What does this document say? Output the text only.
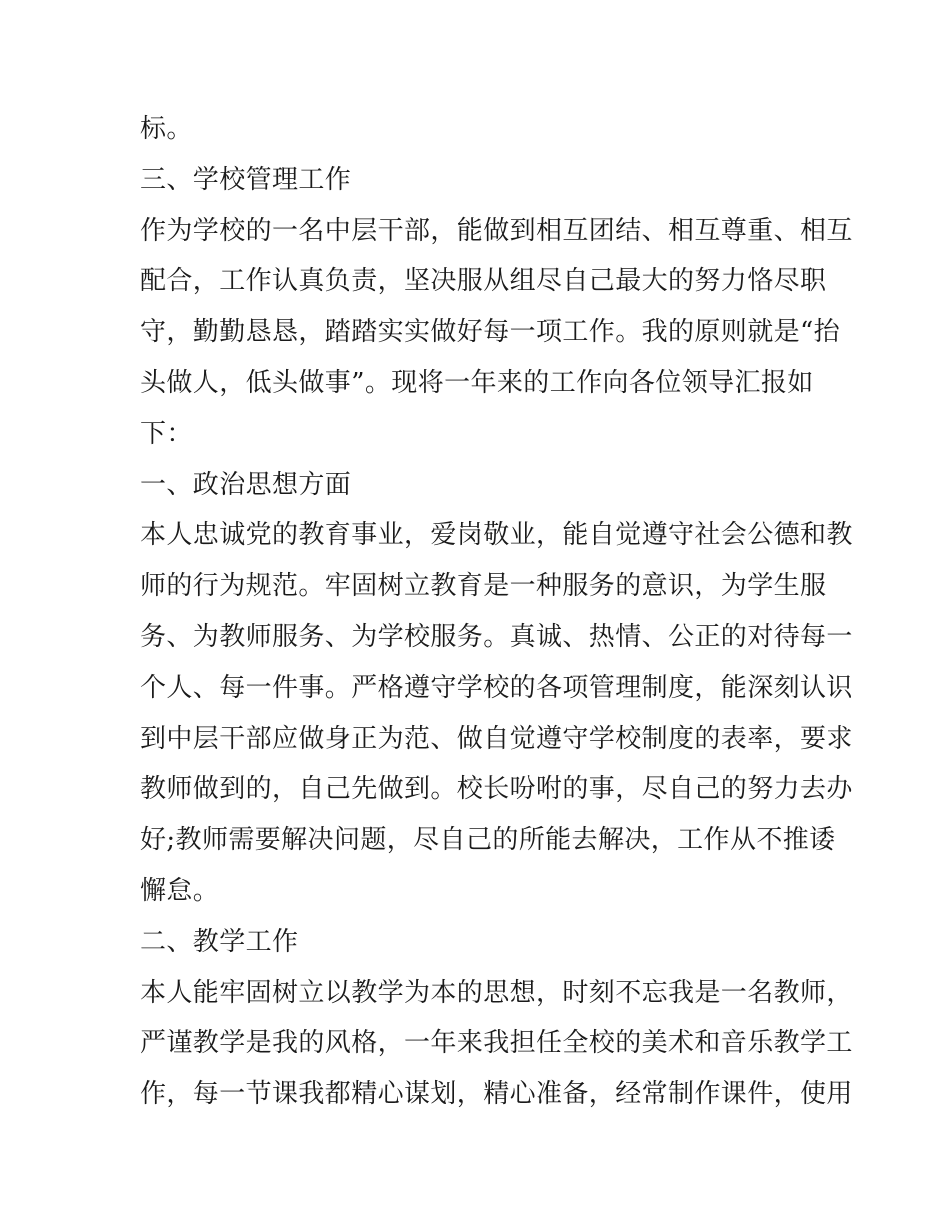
标。
三、学校管理工作
作为学校的一名中层干部，能做到相互团结、相互尊重、相互
配合，工作认真负责，坚决服从组尽自己最大的努力恪尽职
守，勤勤恳恳，踏踏实实做好每一项工作。我的原则就是“抬
头做人，低头做事”。现将一年来的工作向各位领导汇报如
下：
一、政治思想方面
本人忠诚党的教育事业，爱岗敬业，能自觉遵守社会公德和教
师的行为规范。牢固树立教育是一种服务的意识，为学生服
务、为教师服务、为学校服务。真诚、热情、公正的对待每一
个人、每一件事。严格遵守学校的各项管理制度，能深刻认识
到中层干部应做身正为范、做自觉遵守学校制度的表率，要求
教师做到的，自己先做到。校长吩咐的事，尽自己的努力去办
好;教师需要解决问题，尽自己的所能去解决，工作从不推诿
懈怠。
二、教学工作
本人能牢固树立以教学为本的思想，时刻不忘我是一名教师，
严谨教学是我的风格，一年来我担任全校的美术和音乐教学工
作，每一节课我都精心谋划，精心准备，经常制作课件，使用
